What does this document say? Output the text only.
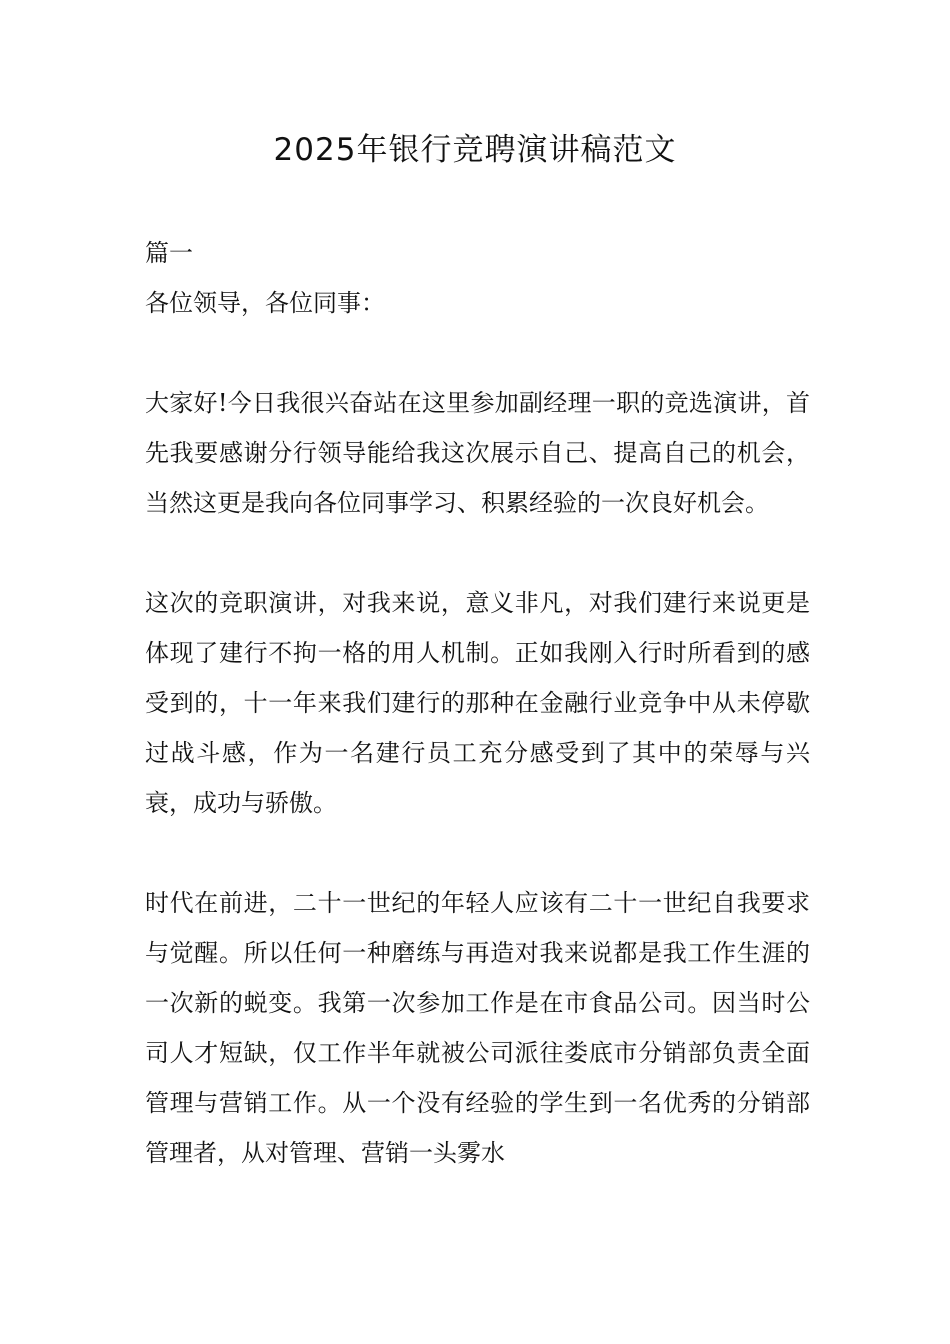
2025年银行竞聘演讲稿范文

篇一

各位领导，各位同事：

大家好!今日我很兴奋站在这里参加副经理一职的竞选演讲，首先我要感谢分行领导能给我这次展示自己、提高自己的机会，当然这更是我向各位同事学习、积累经验的一次良好机会。

这次的竞职演讲，对我来说，意义非凡，对我们建行来说更是体现了建行不拘一格的用人机制。正如我刚入行时所看到的感受到的，十一年来我们建行的那种在金融行业竞争中从未停歇过战斗感，作为一名建行员工充分感受到了其中的荣辱与兴衰，成功与骄傲。

时代在前进，二十一世纪的年轻人应该有二十一世纪自我要求与觉醒。所以任何一种磨练与再造对我来说都是我工作生涯的一次新的蜕变。我第一次参加工作是在市食品公司。因当时公司人才短缺，仅工作半年就被公司派往娄底市分销部负责全面管理与营销工作。从一个没有经验的学生到一名优秀的分销部管理者，从对管理、营销一头雾水
